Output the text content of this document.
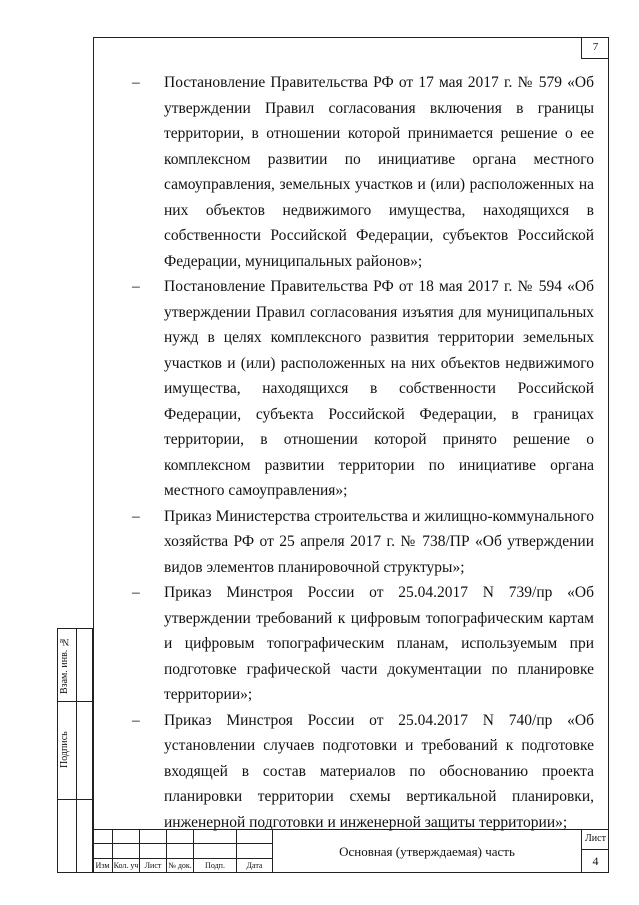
7
– Постановление Правительства РФ от 17 мая 2017 г. № 579 «Об утверждении Правил согласования включения в границы территории, в отношении которой принимается решение о ее комплексном развитии по инициативе органа местного самоуправления, земельных участков и (или) расположенных на них объектов недвижимого имущества, находящихся в собственности Российской Федерации, субъектов Российской Федерации, муниципальных районов»;

– Постановление Правительства РФ от 18 мая 2017 г. № 594 «Об утверждении Правил согласования изъятия для муниципальных нужд в целях комплексного развития территории земельных участков и (или) расположенных на них объектов недвижимого имущества, находящихся в собственности Российской Федерации, субъекта Российской Федерации, в границах территории, в отношении которой принято решение о комплексном развитии территории по инициативе органа местного самоуправления»;

– Приказ Министерства строительства и жилищно-коммунального хозяйства РФ от 25 апреля 2017 г. № 738/ПР «Об утверждении видов элементов планировочной структуры»;

– Приказ Минстроя России от 25.04.2017 N 739/пр «Об утверждении требований к цифровым топографическим картам и цифровым топографическим планам, используемым при подготовке графической части документации по планировке территории»;

– Приказ Минстроя России от 25.04.2017 N 740/пр «Об установлении случаев подготовки и требований к подготовке входящей в состав материалов по обоснованию проекта планировки территории схемы вертикальной планировки, инженерной подготовки и инженерной защиты территории»;

Взам. инв. №
Подпись
Изм Кол. уч Лист № док.	Подп.	Дата
Основная (утверждаемая) часть
Лист
4
